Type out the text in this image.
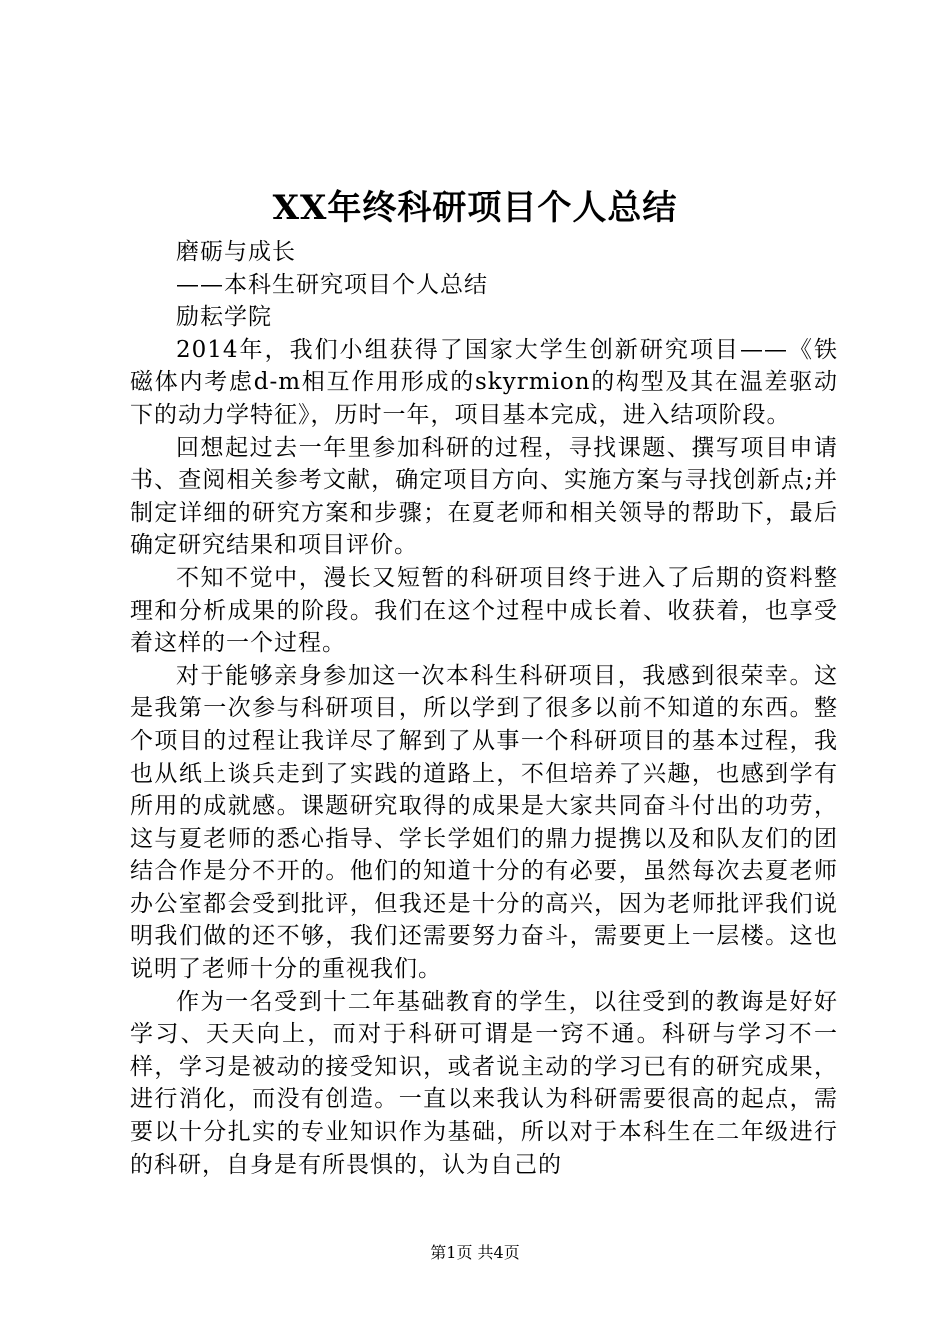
XX年终科研项目个人总结

磨砺与成长

——本科生研究项目个人总结

励耘学院

2014年，我们小组获得了国家大学生创新研究项目——《铁磁体内考虑d-m相互作用形成的skyrmion的构型及其在温差驱动下的动力学特征》，历时一年，项目基本完成，进入结项阶段。

回想起过去一年里参加科研的过程，寻找课题、撰写项目申请书、查阅相关参考文献，确定项目方向、实施方案与寻找创新点;并制定详细的研究方案和步骤；在夏老师和相关领导的帮助下，最后确定研究结果和项目评价。

不知不觉中，漫长又短暂的科研项目终于进入了后期的资料整理和分析成果的阶段。我们在这个过程中成长着、收获着，也享受着这样的一个过程。

对于能够亲身参加这一次本科生科研项目，我感到很荣幸。这是我第一次参与科研项目，所以学到了很多以前不知道的东西。整个项目的过程让我详尽了解到了从事一个科研项目的基本过程，我也从纸上谈兵走到了实践的道路上，不但培养了兴趣，也感到学有所用的成就感。课题研究取得的成果是大家共同奋斗付出的功劳，这与夏老师的悉心指导、学长学姐们的鼎力提携以及和队友们的团结合作是分不开的。他们的知道十分的有必要，虽然每次去夏老师办公室都会受到批评，但我还是十分的高兴，因为老师批评我们说明我们做的还不够，我们还需要努力奋斗，需要更上一层楼。这也说明了老师十分的重视我们。

作为一名受到十二年基础教育的学生，以往受到的教诲是好好学习、天天向上，而对于科研可谓是一窍不通。科研与学习不一样，学习是被动的接受知识，或者说主动的学习已有的研究成果，进行消化，而没有创造。一直以来我认为科研需要很高的起点，需要以十分扎实的专业知识作为基础，所以对于本科生在二年级进行的科研，自身是有所畏惧的，认为自己的

第1页 共4页
